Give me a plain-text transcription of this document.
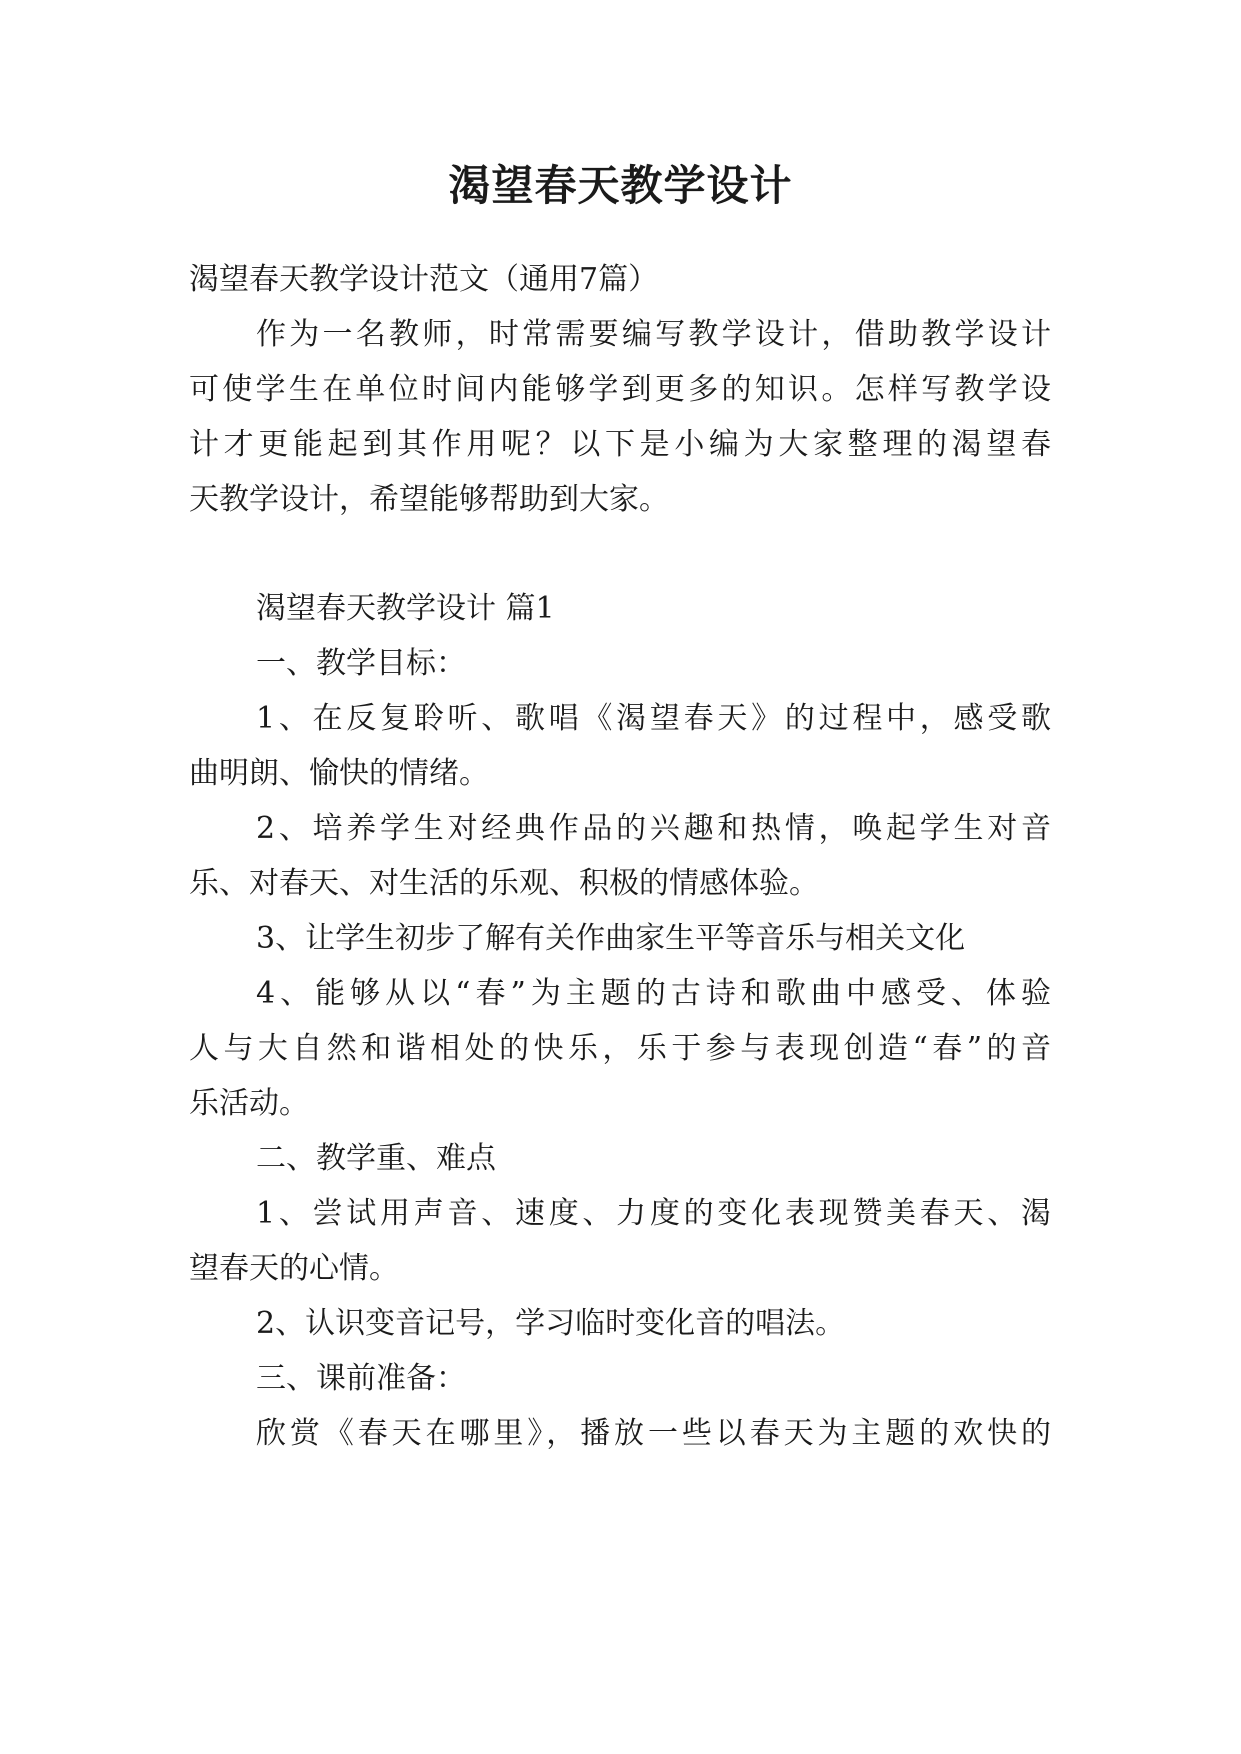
渴望春天教学设计

渴望春天教学设计范文（通用7篇）

作为一名教师，时常需要编写教学设计，借助教学设计

可使学生在单位时间内能够学到更多的知识。怎样写教学设

计才更能起到其作用呢？以下是小编为大家整理的渴望春

天教学设计，希望能够帮助到大家。

渴望春天教学设计 篇1

一、教学目标：

1、在反复聆听、歌唱《渴望春天》的过程中，感受歌

曲明朗、愉快的情绪。

2、培养学生对经典作品的兴趣和热情，唤起学生对音

乐、对春天、对生活的乐观、积极的情感体验。

3、让学生初步了解有关作曲家生平等音乐与相关文化

4、能够从以“春”为主题的古诗和歌曲中感受、体验

人与大自然和谐相处的快乐，乐于参与表现创造“春”的音

乐活动。

二、教学重、难点

1、尝试用声音、速度、力度的变化表现赞美春天、渴

望春天的心情。

2、认识变音记号，学习临时变化音的唱法。

三、课前准备：

欣赏《春天在哪里》，播放一些以春天为主题的欢快的
